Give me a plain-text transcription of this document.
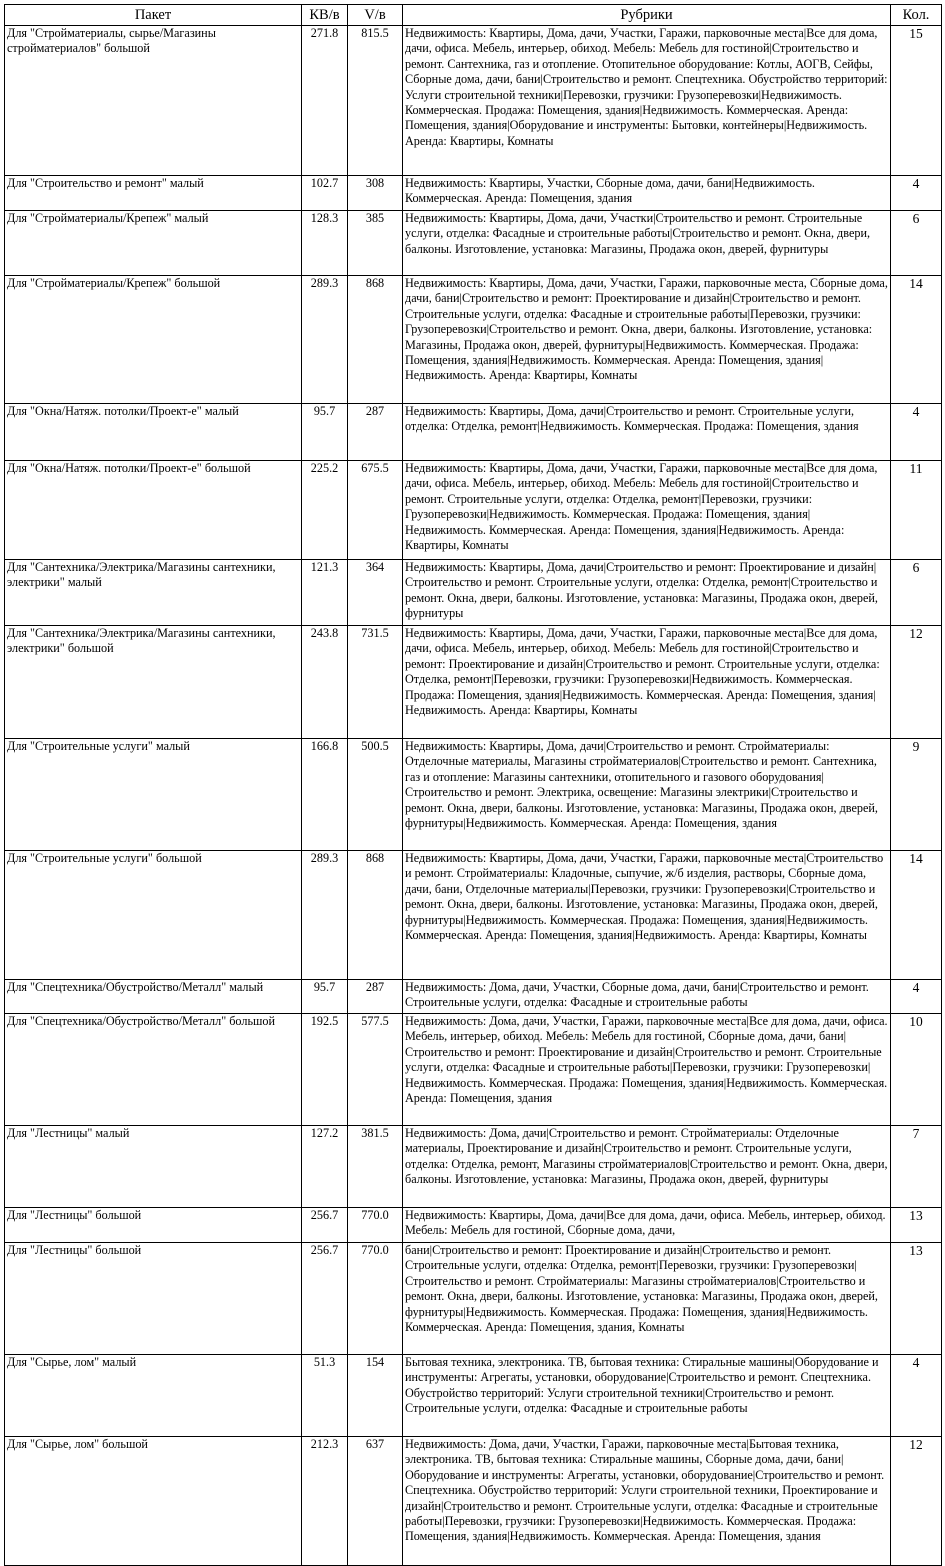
Пакет	КВ/в	V/в	Рубрики	Кол.
Для "Стройматериалы, сырье/Магазины стройматериалов" большой	271.8	815.5	Недвижимость: Квартиры, Дома, дачи, Участки, Гаражи, парковочные места|Все для дома, дачи, офиса. Мебель, интерьер, обиход. Мебель: Мебель для гостиной|Строительство и ремонт. Сантехника, газ и отопление. Отопительное оборудование: Котлы, АОГВ, Сейфы, Сборные дома, дачи, бани|Строительство и ремонт. Спецтехника. Обустройство территорий: Услуги строительной техники|Перевозки, грузчики: Грузоперевозки|Недвижимость. Коммерческая. Продажа: Помещения, здания|Недвижимость. Коммерческая. Аренда: Помещения, здания|Оборудование и инструменты: Бытовки, контейнеры|Недвижимость. Аренда: Квартиры, Комнаты	15
Для "Строительство и ремонт" малый	102.7	308	Недвижимость: Квартиры, Участки, Сборные дома, дачи, бани|Недвижимость. Коммерческая. Аренда: Помещения, здания	4
Для "Стройматериалы/Крепеж" малый	128.3	385	Недвижимость: Квартиры, Дома, дачи, Участки|Строительство и ремонт. Строительные услуги, отделка: Фасадные и строительные работы|Строительство и ремонт. Окна, двери, балконы. Изготовление, установка: Магазины, Продажа окон, дверей, фурнитуры	6
Для "Стройматериалы/Крепеж" большой	289.3	868	Недвижимость: Квартиры, Дома, дачи, Участки, Гаражи, парковочные места, Сборные дома, дачи, бани|Строительство и ремонт: Проектирование и дизайн|Строительство и ремонт. Строительные услуги, отделка: Фасадные и строительные работы|Перевозки, грузчики: Грузоперевозки|Строительство и ремонт. Окна, двери, балконы. Изготовление, установка: Магазины, Продажа окон, дверей, фурнитуры|Недвижимость. Коммерческая. Продажа: Помещения, здания|Недвижимость. Коммерческая. Аренда: Помещения, здания|Недвижимость. Аренда: Квартиры, Комнаты	14
Для "Окна/Натяж. потолки/Проект-е" малый	95.7	287	Недвижимость: Квартиры, Дома, дачи|Строительство и ремонт. Строительные услуги, отделка: Отделка, ремонт|Недвижимость. Коммерческая. Продажа: Помещения, здания	4
Для "Окна/Натяж. потолки/Проект-е" большой	225.2	675.5	Недвижимость: Квартиры, Дома, дачи, Участки, Гаражи, парковочные места|Все для дома, дачи, офиса. Мебель, интерьер, обиход. Мебель: Мебель для гостиной|Строительство и ремонт. Строительные услуги, отделка: Отделка, ремонт|Перевозки, грузчики: Грузоперевозки|Недвижимость. Коммерческая. Продажа: Помещения, здания|Недвижимость. Коммерческая. Аренда: Помещения, здания|Недвижимость. Аренда: Квартиры, Комнаты	11
Для "Сантехника/Электрика/Магазины сантехники, электрики" малый	121.3	364	Недвижимость: Квартиры, Дома, дачи|Строительство и ремонт: Проектирование и дизайн|Строительство и ремонт. Строительные услуги, отделка: Отделка, ремонт|Строительство и ремонт. Окна, двери, балконы. Изготовление, установка: Магазины, Продажа окон, дверей, фурнитуры	6
Для "Сантехника/Электрика/Магазины сантехники, электрики" большой	243.8	731.5	Недвижимость: Квартиры, Дома, дачи, Участки, Гаражи, парковочные места|Все для дома, дачи, офиса. Мебель, интерьер, обиход. Мебель: Мебель для гостиной|Строительство и ремонт: Проектирование и дизайн|Строительство и ремонт. Строительные услуги, отделка: Отделка, ремонт|Перевозки, грузчики: Грузоперевозки|Недвижимость. Коммерческая. Продажа: Помещения, здания|Недвижимость. Коммерческая. Аренда: Помещения, здания|Недвижимость. Аренда: Квартиры, Комнаты	12
Для "Строительные услуги" малый	166.8	500.5	Недвижимость: Квартиры, Дома, дачи|Строительство и ремонт. Стройматериалы: Отделочные материалы, Магазины стройматериалов|Строительство и ремонт. Сантехника, газ и отопление: Магазины сантехники, отопительного и газового оборудования|Строительство и ремонт. Электрика, освещение: Магазины электрики|Строительство и ремонт. Окна, двери, балконы. Изготовление, установка: Магазины, Продажа окон, дверей, фурнитуры|Недвижимость. Коммерческая. Аренда: Помещения, здания	9
Для "Строительные услуги" большой	289.3	868	Недвижимость: Квартиры, Дома, дачи, Участки, Гаражи, парковочные места|Строительство и ремонт. Стройматериалы: Кладочные, сыпучие, ж/б изделия, растворы, Сборные дома, дачи, бани, Отделочные материалы|Перевозки, грузчики: Грузоперевозки|Строительство и ремонт. Окна, двери, балконы. Изготовление, установка: Магазины, Продажа окон, дверей, фурнитуры|Недвижимость. Коммерческая. Продажа: Помещения, здания|Недвижимость. Коммерческая. Аренда: Помещения, здания|Недвижимость. Аренда: Квартиры, Комнаты	14
Для "Спецтехника/Обустройство/Металл" малый	95.7	287	Недвижимость: Дома, дачи, Участки, Сборные дома, дачи, бани|Строительство и ремонт. Строительные услуги, отделка: Фасадные и строительные работы	4
Для "Спецтехника/Обустройство/Металл" большой	192.5	577.5	Недвижимость: Дома, дачи, Участки, Гаражи, парковочные места|Все для дома, дачи, офиса. Мебель, интерьер, обиход. Мебель: Мебель для гостиной, Сборные дома, дачи, бани|Строительство и ремонт: Проектирование и дизайн|Строительство и ремонт. Строительные услуги, отделка: Фасадные и строительные работы|Перевозки, грузчики: Грузоперевозки|Недвижимость. Коммерческая. Продажа: Помещения, здания|Недвижимость. Коммерческая. Аренда: Помещения, здания	10
Для "Лестницы" малый	127.2	381.5	Недвижимость: Дома, дачи|Строительство и ремонт. Стройматериалы: Отделочные материалы, Проектирование и дизайн|Строительство и ремонт. Строительные услуги, отделка: Отделка, ремонт, Магазины стройматериалов|Строительство и ремонт. Окна, двери, балконы. Изготовление, установка: Магазины, Продажа окон, дверей, фурнитуры	7
Для "Лестницы" большой	256.7	770.0	Недвижимость: Квартиры, Дома, дачи|Все для дома, дачи, офиса. Мебель, интерьер, обиход. Мебель: Мебель для гостиной, Сборные дома, дачи,	13
Для "Лестницы" большой	256.7	770.0	бани|Строительство и ремонт: Проектирование и дизайн|Строительство и ремонт. Строительные услуги, отделка: Отделка, ремонт|Перевозки, грузчики: Грузоперевозки|Строительство и ремонт. Стройматериалы: Магазины стройматериалов|Строительство и ремонт. Окна, двери, балконы. Изготовление, установка: Магазины, Продажа окон, дверей, фурнитуры|Недвижимость. Коммерческая. Продажа: Помещения, здания|Недвижимость. Коммерческая. Аренда: Помещения, здания, Комнаты	13
Для "Сырье, лом" малый	51.3	154	Бытовая техника, электроника. ТВ, бытовая техника: Стиральные машины|Оборудование и инструменты: Агрегаты, установки, оборудование|Строительство и ремонт. Спецтехника. Обустройство территорий: Услуги строительной техники|Строительство и ремонт. Строительные услуги, отделка: Фасадные и строительные работы	4
Для "Сырье, лом" большой	212.3	637	Недвижимость: Дома, дачи, Участки, Гаражи, парковочные места|Бытовая техника, электроника. ТВ, бытовая техника: Стиральные машины, Сборные дома, дачи, бани|Оборудование и инструменты: Агрегаты, установки, оборудование|Строительство и ремонт. Спецтехника. Обустройство территорий: Услуги строительной техники, Проектирование и дизайн|Строительство и ремонт. Строительные услуги, отделка: Фасадные и строительные работы|Перевозки, грузчики: Грузоперевозки|Недвижимость. Коммерческая. Продажа: Помещения, здания|Недвижимость. Коммерческая. Аренда: Помещения, здания	12
